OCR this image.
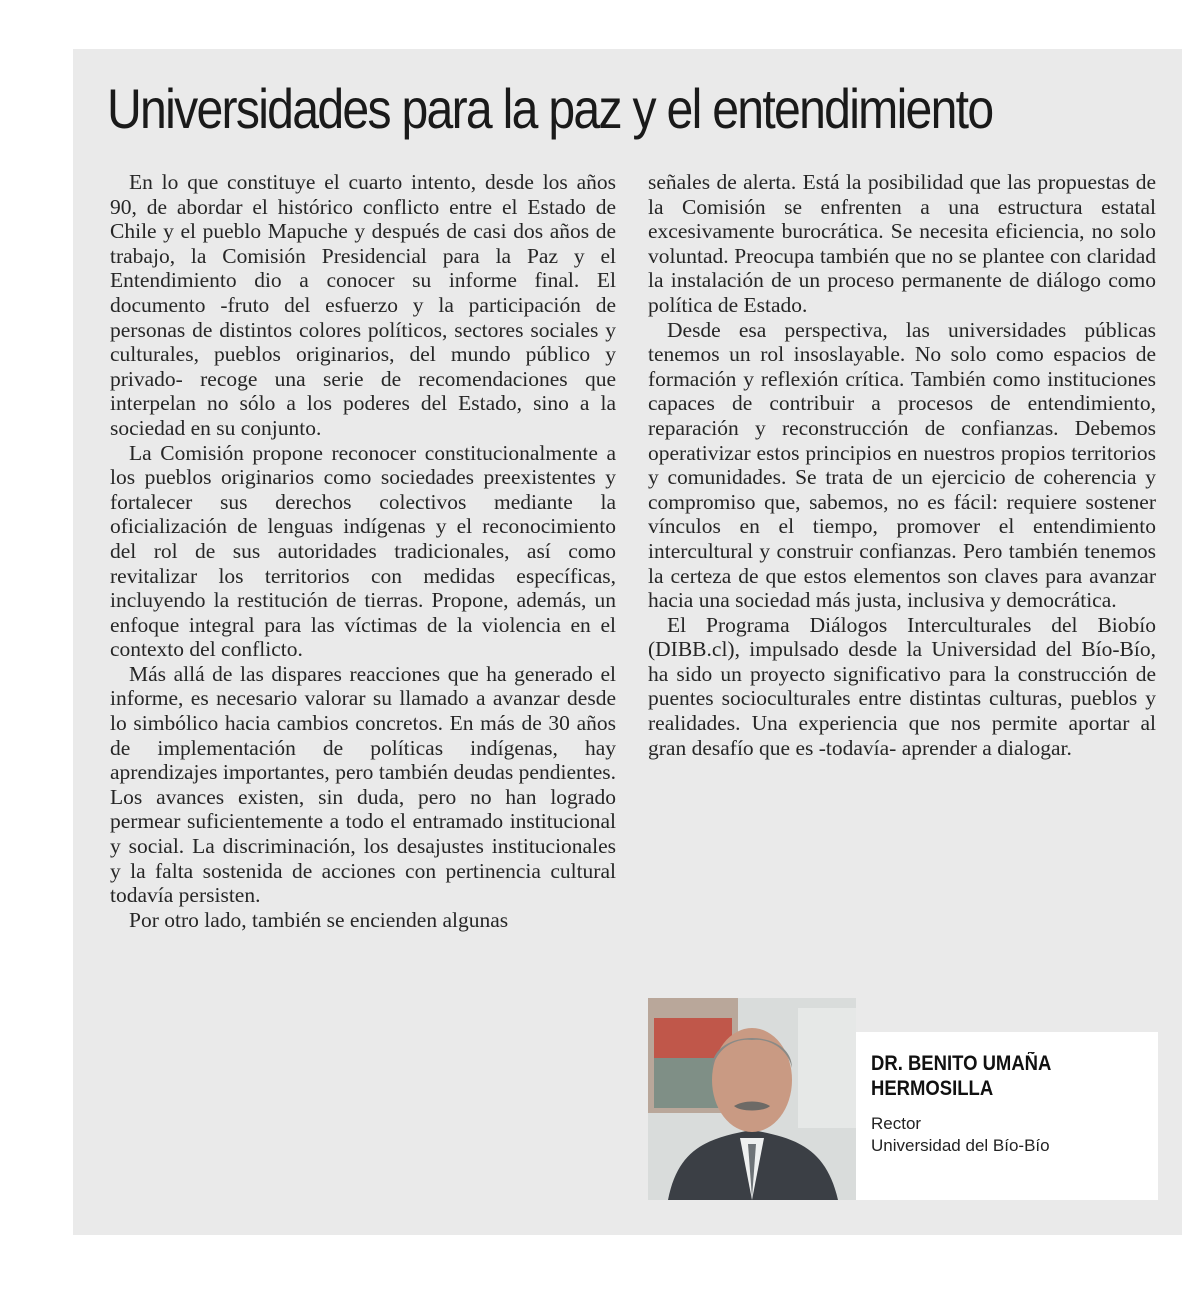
Universidades para la paz y el entendimiento

En lo que constituye el cuarto intento, desde los años 90, de abordar el histórico conflicto entre el Estado de Chile y el pueblo Mapuche y después de casi dos años de trabajo, la Comisión Presidencial para la Paz y el Entendimiento dio a conocer su informe final. El documento -fruto del esfuerzo y la participación de personas de distintos colores políticos, sectores sociales y culturales, pueblos originarios, del mundo público y privado- recoge una serie de recomendaciones que interpelan no sólo a los poderes del Estado, sino a la sociedad en su conjunto.

La Comisión propone reconocer constitucionalmente a los pueblos originarios como sociedades preexistentes y fortalecer sus derechos colectivos mediante la oficialización de lenguas indígenas y el reconocimiento del rol de sus autoridades tradicionales, así como revitalizar los territorios con medidas específicas, incluyendo la restitución de tierras. Propone, además, un enfoque integral para las víctimas de la violencia en el contexto del conflicto.

Más allá de las dispares reacciones que ha generado el informe, es necesario valorar su llamado a avanzar desde lo simbólico hacia cambios concretos. En más de 30 años de implementación de políticas indígenas, hay aprendizajes importantes, pero también deudas pendientes. Los avances existen, sin duda, pero no han logrado permear suficientemente a todo el entramado institucional y social. La discriminación, los desajustes institucionales y la falta sostenida de acciones con pertinencia cultural todavía persisten.

Por otro lado, también se encienden algunas

señales de alerta. Está la posibilidad que las propuestas de la Comisión se enfrenten a una estructura estatal excesivamente burocrática. Se necesita eficiencia, no solo voluntad. Preocupa también que no se plantee con claridad la instalación de un proceso permanente de diálogo como política de Estado.

Desde esa perspectiva, las universidades públicas tenemos un rol insoslayable. No solo como espacios de formación y reflexión crítica. También como instituciones capaces de contribuir a procesos de entendimiento, reparación y reconstrucción de confianzas. Debemos operativizar estos principios en nuestros propios territorios y comunidades. Se trata de un ejercicio de coherencia y compromiso que, sabemos, no es fácil: requiere sostener vínculos en el tiempo, promover el entendimiento intercultural y construir confianzas. Pero también tenemos la certeza de que estos elementos son claves para avanzar hacia una sociedad más justa, inclusiva y democrática.

El Programa Diálogos Interculturales del Biobío (DIBB.cl), impulsado desde la Universidad del Bío-Bío, ha sido un proyecto significativo para la construcción de puentes socioculturales entre distintas culturas, pueblos y realidades. Una experiencia que nos permite aportar al gran desafío que es -todavía- aprender a dialogar.

DR. BENITO UMAÑA HERMOSILLA
Rector
Universidad del Bío-Bío
